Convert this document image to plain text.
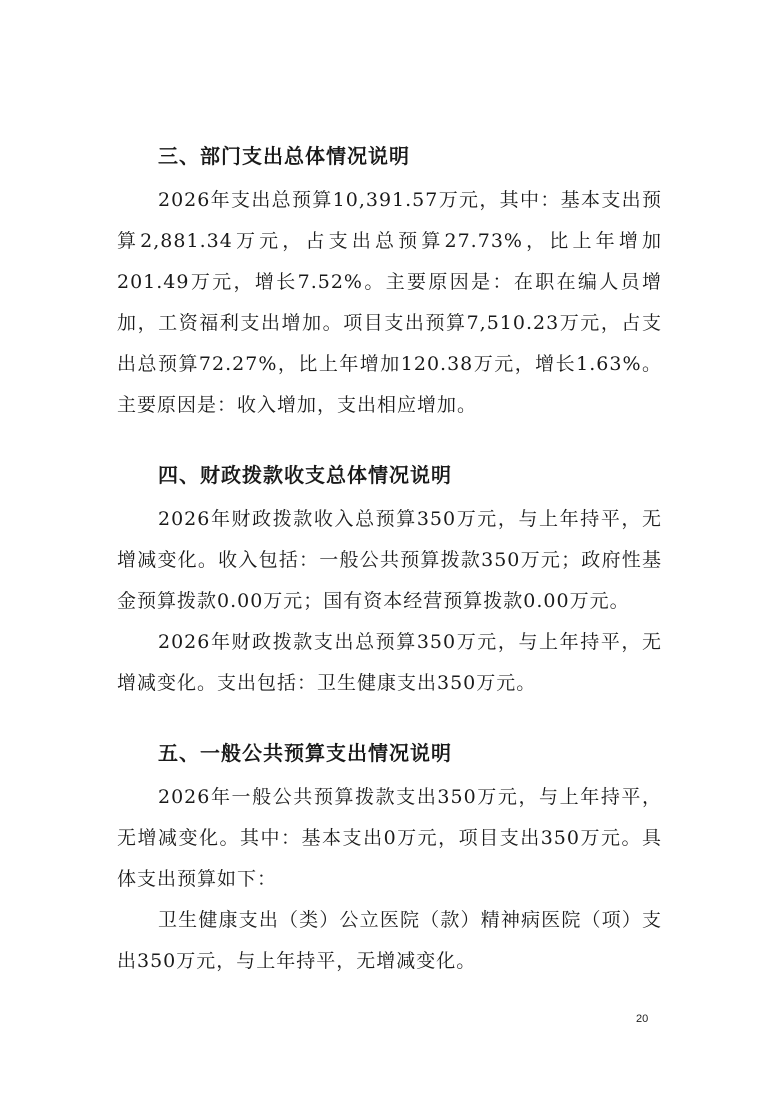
三、部门支出总体情况说明

2026年支出总预算10,391.57万元，其中：基本支出预算2,881.34万元，占支出总预算27.73%，比上年增加201.49万元，增长7.52%。主要原因是：在职在编人员增加，工资福利支出增加。项目支出预算7,510.23万元，占支出总预算72.27%，比上年增加120.38万元，增长1.63%。主要原因是：收入增加，支出相应增加。

四、财政拨款收支总体情况说明

2026年财政拨款收入总预算350万元，与上年持平，无增减变化。收入包括：一般公共预算拨款350万元；政府性基金预算拨款0.00万元；国有资本经营预算拨款0.00万元。

2026年财政拨款支出总预算350万元，与上年持平，无增减变化。支出包括：卫生健康支出350万元。

五、一般公共预算支出情况说明

2026年一般公共预算拨款支出350万元，与上年持平，无增减变化。其中：基本支出0万元，项目支出350万元。具体支出预算如下：

卫生健康支出（类）公立医院（款）精神病医院（项）支出350万元，与上年持平，无增减变化。

20
